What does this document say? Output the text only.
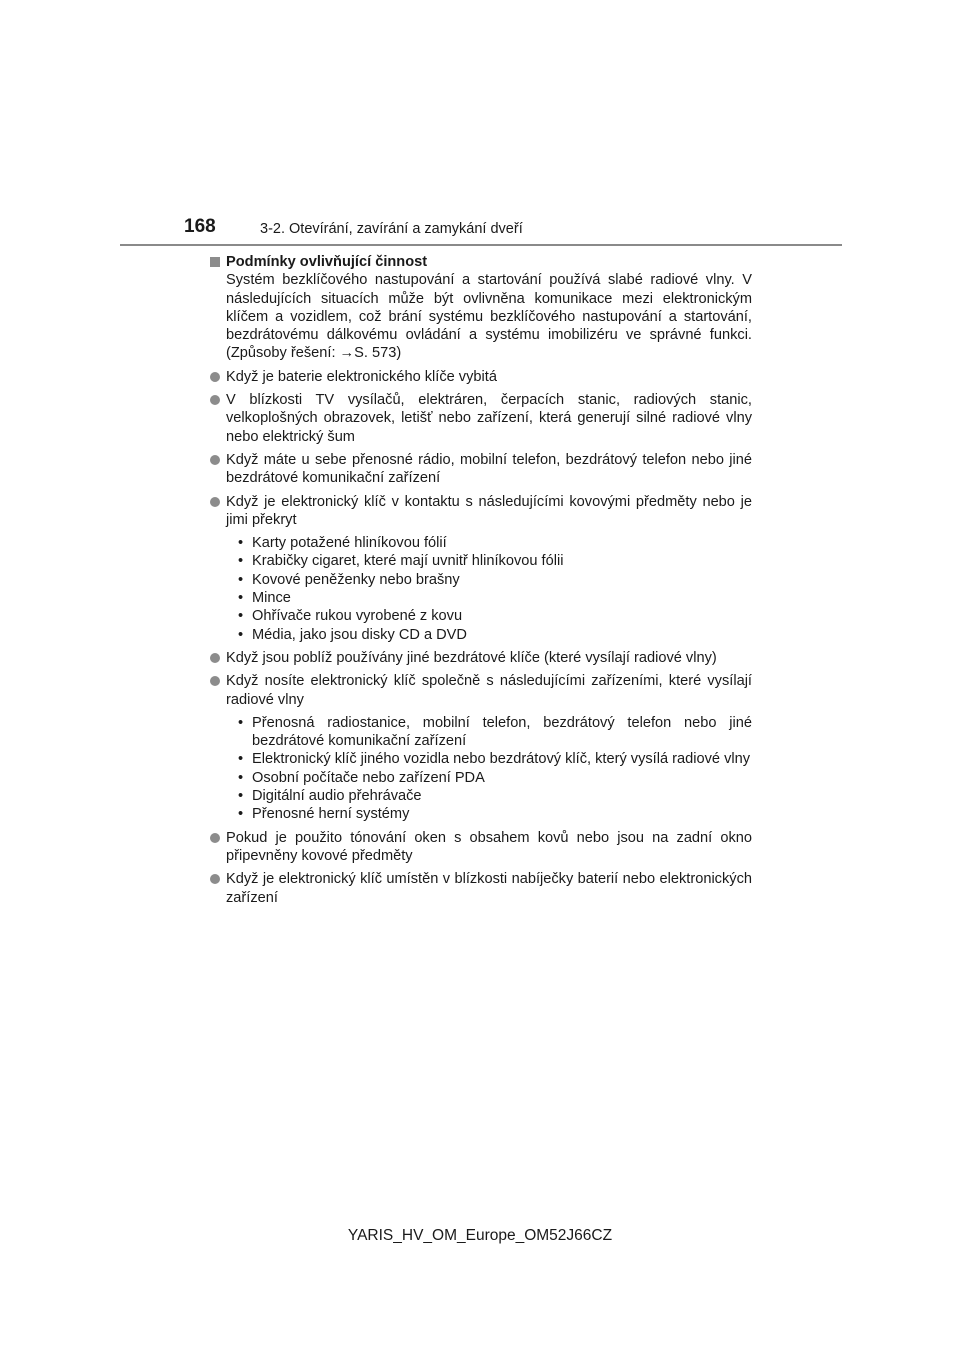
168	3-2. Otevírání, zavírání a zamykání dveří
Podmínky ovlivňující činnost
Systém bezklíčového nastupování a startování používá slabé radiové vlny. V následujících situacích může být ovlivněna komunikace mezi elektronickým klíčem a vozidlem, což brání systému bezklíčového nastupování a startování, bezdrátovému dálkovému ovládání a systému imobilizéru ve správné funkci. (Způsoby řešení: →S. 573)
Když je baterie elektronického klíče vybitá
V blízkosti TV vysílačů, elektráren, čerpacích stanic, radiových stanic, velkoplošných obrazovek, letišť nebo zařízení, která generují silné radiové vlny nebo elektrický šum
Když máte u sebe přenosné rádio, mobilní telefon, bezdrátový telefon nebo jiné bezdrátové komunikační zařízení
Když je elektronický klíč v kontaktu s následujícími kovovými předměty nebo je jimi překryt
• Karty potažené hliníkovou fólií
• Krabičky cigaret, které mají uvnitř hliníkovou fólii
• Kovové peněženky nebo brašny
• Mince
• Ohřívače rukou vyrobené z kovu
• Média, jako jsou disky CD a DVD
Když jsou poblíž používány jiné bezdrátové klíče (které vysílají radiové vlny)
Když nosíte elektronický klíč společně s následujícími zařízeními, které vysílají radiové vlny
• Přenosná radiostanice, mobilní telefon, bezdrátový telefon nebo jiné bezdrátové komunikační zařízení
• Elektronický klíč jiného vozidla nebo bezdrátový klíč, který vysílá radiové vlny
• Osobní počítače nebo zařízení PDA
• Digitální audio přehrávače
• Přenosné herní systémy
Pokud je použito tónování oken s obsahem kovů nebo jsou na zadní okno připevněny kovové předměty
Když je elektronický klíč umístěn v blízkosti nabíječky baterií nebo elektronických zařízení
YARIS_HV_OM_Europe_OM52J66CZ
